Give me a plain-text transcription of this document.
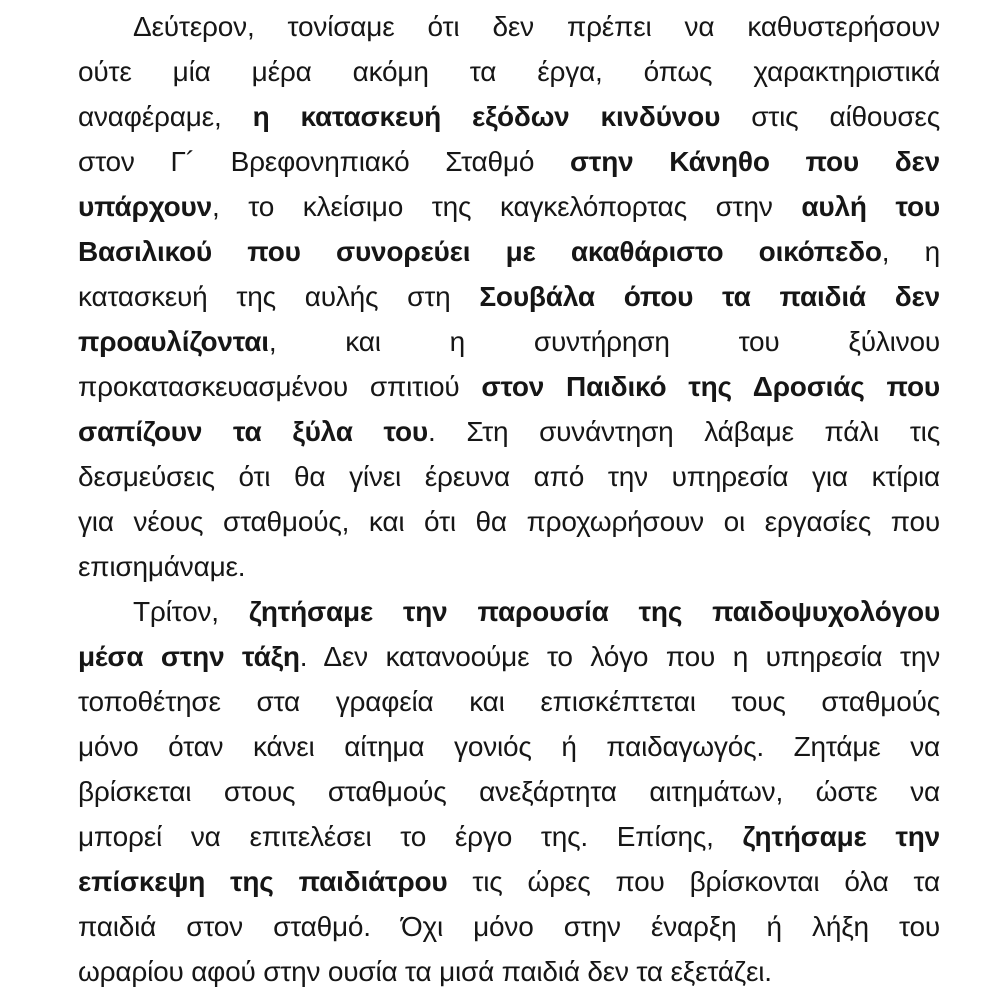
Δεύτερον, τονίσαμε ότι δεν πρέπει να καθυστερήσουν
ούτε μία μέρα ακόμη τα έργα, όπως χαρακτηριστικά
αναφέραμε, η κατασκευή εξόδων κινδύνου στις αίθουσες
στον Γ´ Βρεφονηπιακό Σταθμό στην Κάνηθο που δεν
υπάρχουν, το κλείσιμο της καγκελόπορτας στην αυλή του
Βασιλικού που συνορεύει με ακαθάριστο οικόπεδο, η
κατασκευή της αυλής στη Σουβάλα όπου τα παιδιά δεν
προαυλίζονται, και η συντήρηση του ξύλινου
προκατασκευασμένου σπιτιού στον Παιδικό της Δροσιάς που
σαπίζουν τα ξύλα του. Στη συνάντηση λάβαμε πάλι τις
δεσμεύσεις ότι θα γίνει έρευνα από την υπηρεσία για κτίρια
για νέους σταθμούς, και ότι θα προχωρήσουν οι εργασίες που
επισημάναμε.
Τρίτον, ζητήσαμε την παρουσία της παιδοψυχολόγου
μέσα στην τάξη. Δεν κατανοούμε το λόγο που η υπηρεσία την
τοποθέτησε στα γραφεία και επισκέπτεται τους σταθμούς
μόνο όταν κάνει αίτημα γονιός ή παιδαγωγός. Ζητάμε να
βρίσκεται στους σταθμούς ανεξάρτητα αιτημάτων, ώστε να
μπορεί να επιτελέσει το έργο της. Επίσης, ζητήσαμε την
επίσκεψη της παιδιάτρου τις ώρες που βρίσκονται όλα τα
παιδιά στον σταθμό. Όχι μόνο στην έναρξη ή λήξη του
ωραρίου αφού στην ουσία τα μισά παιδιά δεν τα εξετάζει.
